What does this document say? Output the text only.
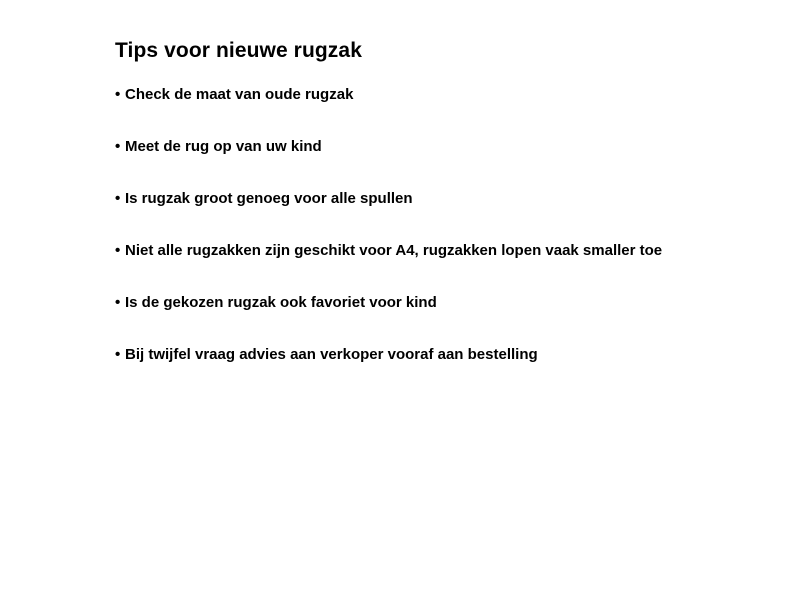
Tips voor nieuwe rugzak
• Check de maat van oude rugzak
• Meet de rug op van uw kind
• Is rugzak groot genoeg voor alle spullen
• Niet alle rugzakken zijn geschikt voor A4, rugzakken lopen vaak smaller toe
• Is de gekozen rugzak ook favoriet voor kind
• Bij twijfel vraag advies aan verkoper vooraf aan bestelling
